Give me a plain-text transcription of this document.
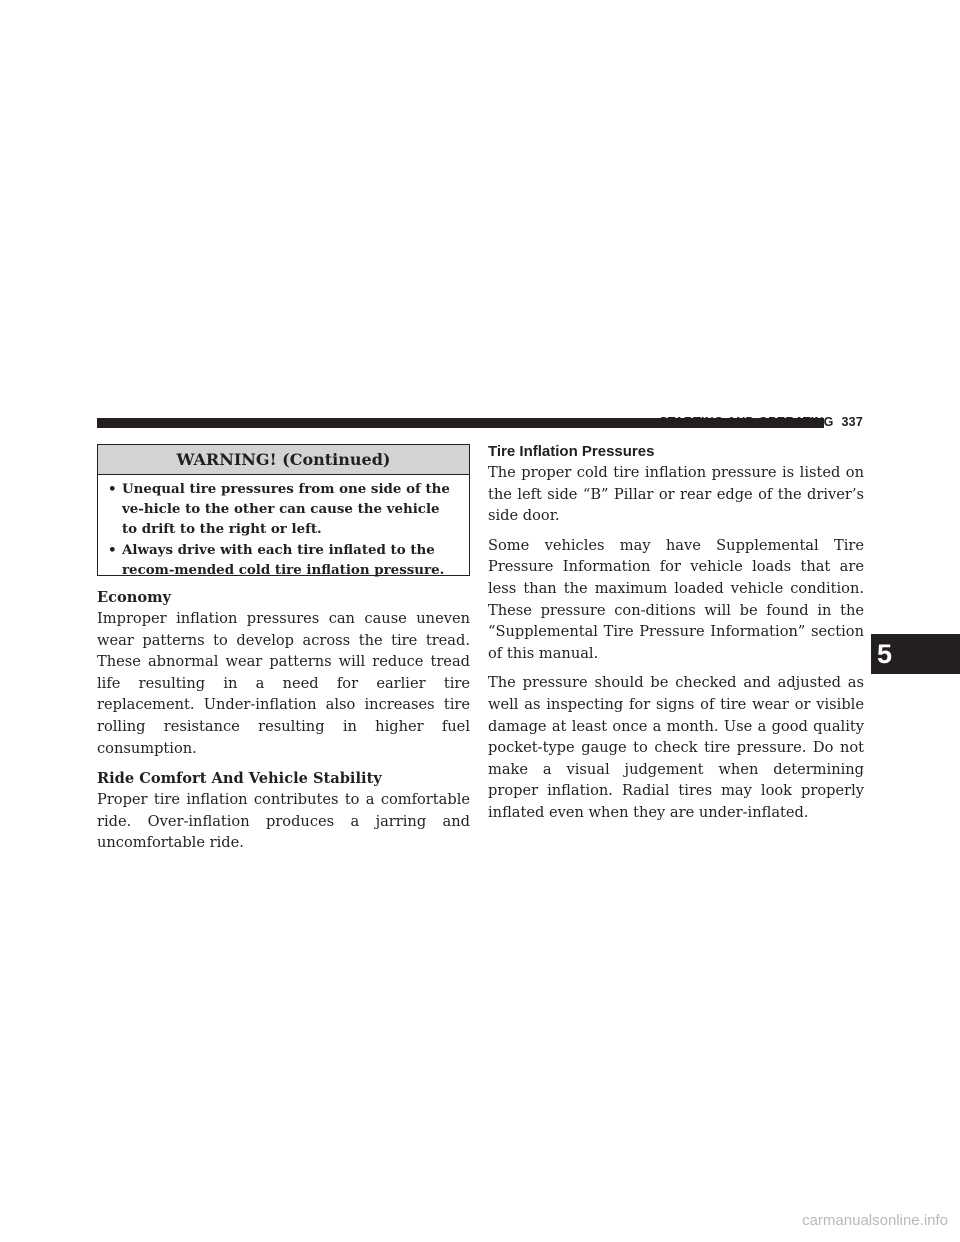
STARTING AND OPERATING 337
WARNING! (Continued)
• Unequal tire pressures from one side of the ve-hicle to the other can cause the vehicle to drift to the right or left.
• Always drive with each tire inflated to the recom-mended cold tire inflation pressure.
Economy

Improper inflation pressures can cause uneven wear patterns to develop across the tire tread. These abnormal wear patterns will reduce tread life resulting in a need for earlier tire replacement. Under-inflation also increases tire rolling resistance resulting in higher fuel consumption.

Ride Comfort And Vehicle Stability

Proper tire inflation contributes to a comfortable ride. Over-inflation produces a jarring and uncomfortable ride.

Tire Inflation Pressures

The proper cold tire inflation pressure is listed on the left side “B” Pillar or rear edge of the driver’s side door.

Some vehicles may have Supplemental Tire Pressure Information for vehicle loads that are less than the maximum loaded vehicle condition. These pressure con-ditions will be found in the “Supplemental Tire Pressure Information” section of this manual.

The pressure should be checked and adjusted as well as inspecting for signs of tire wear or visible damage at least once a month. Use a good quality pocket-type gauge to check tire pressure. Do not make a visual judgement when determining proper inflation. Radial tires may look properly inflated even when they are under-inflated.

5
carmanualsonline.info
